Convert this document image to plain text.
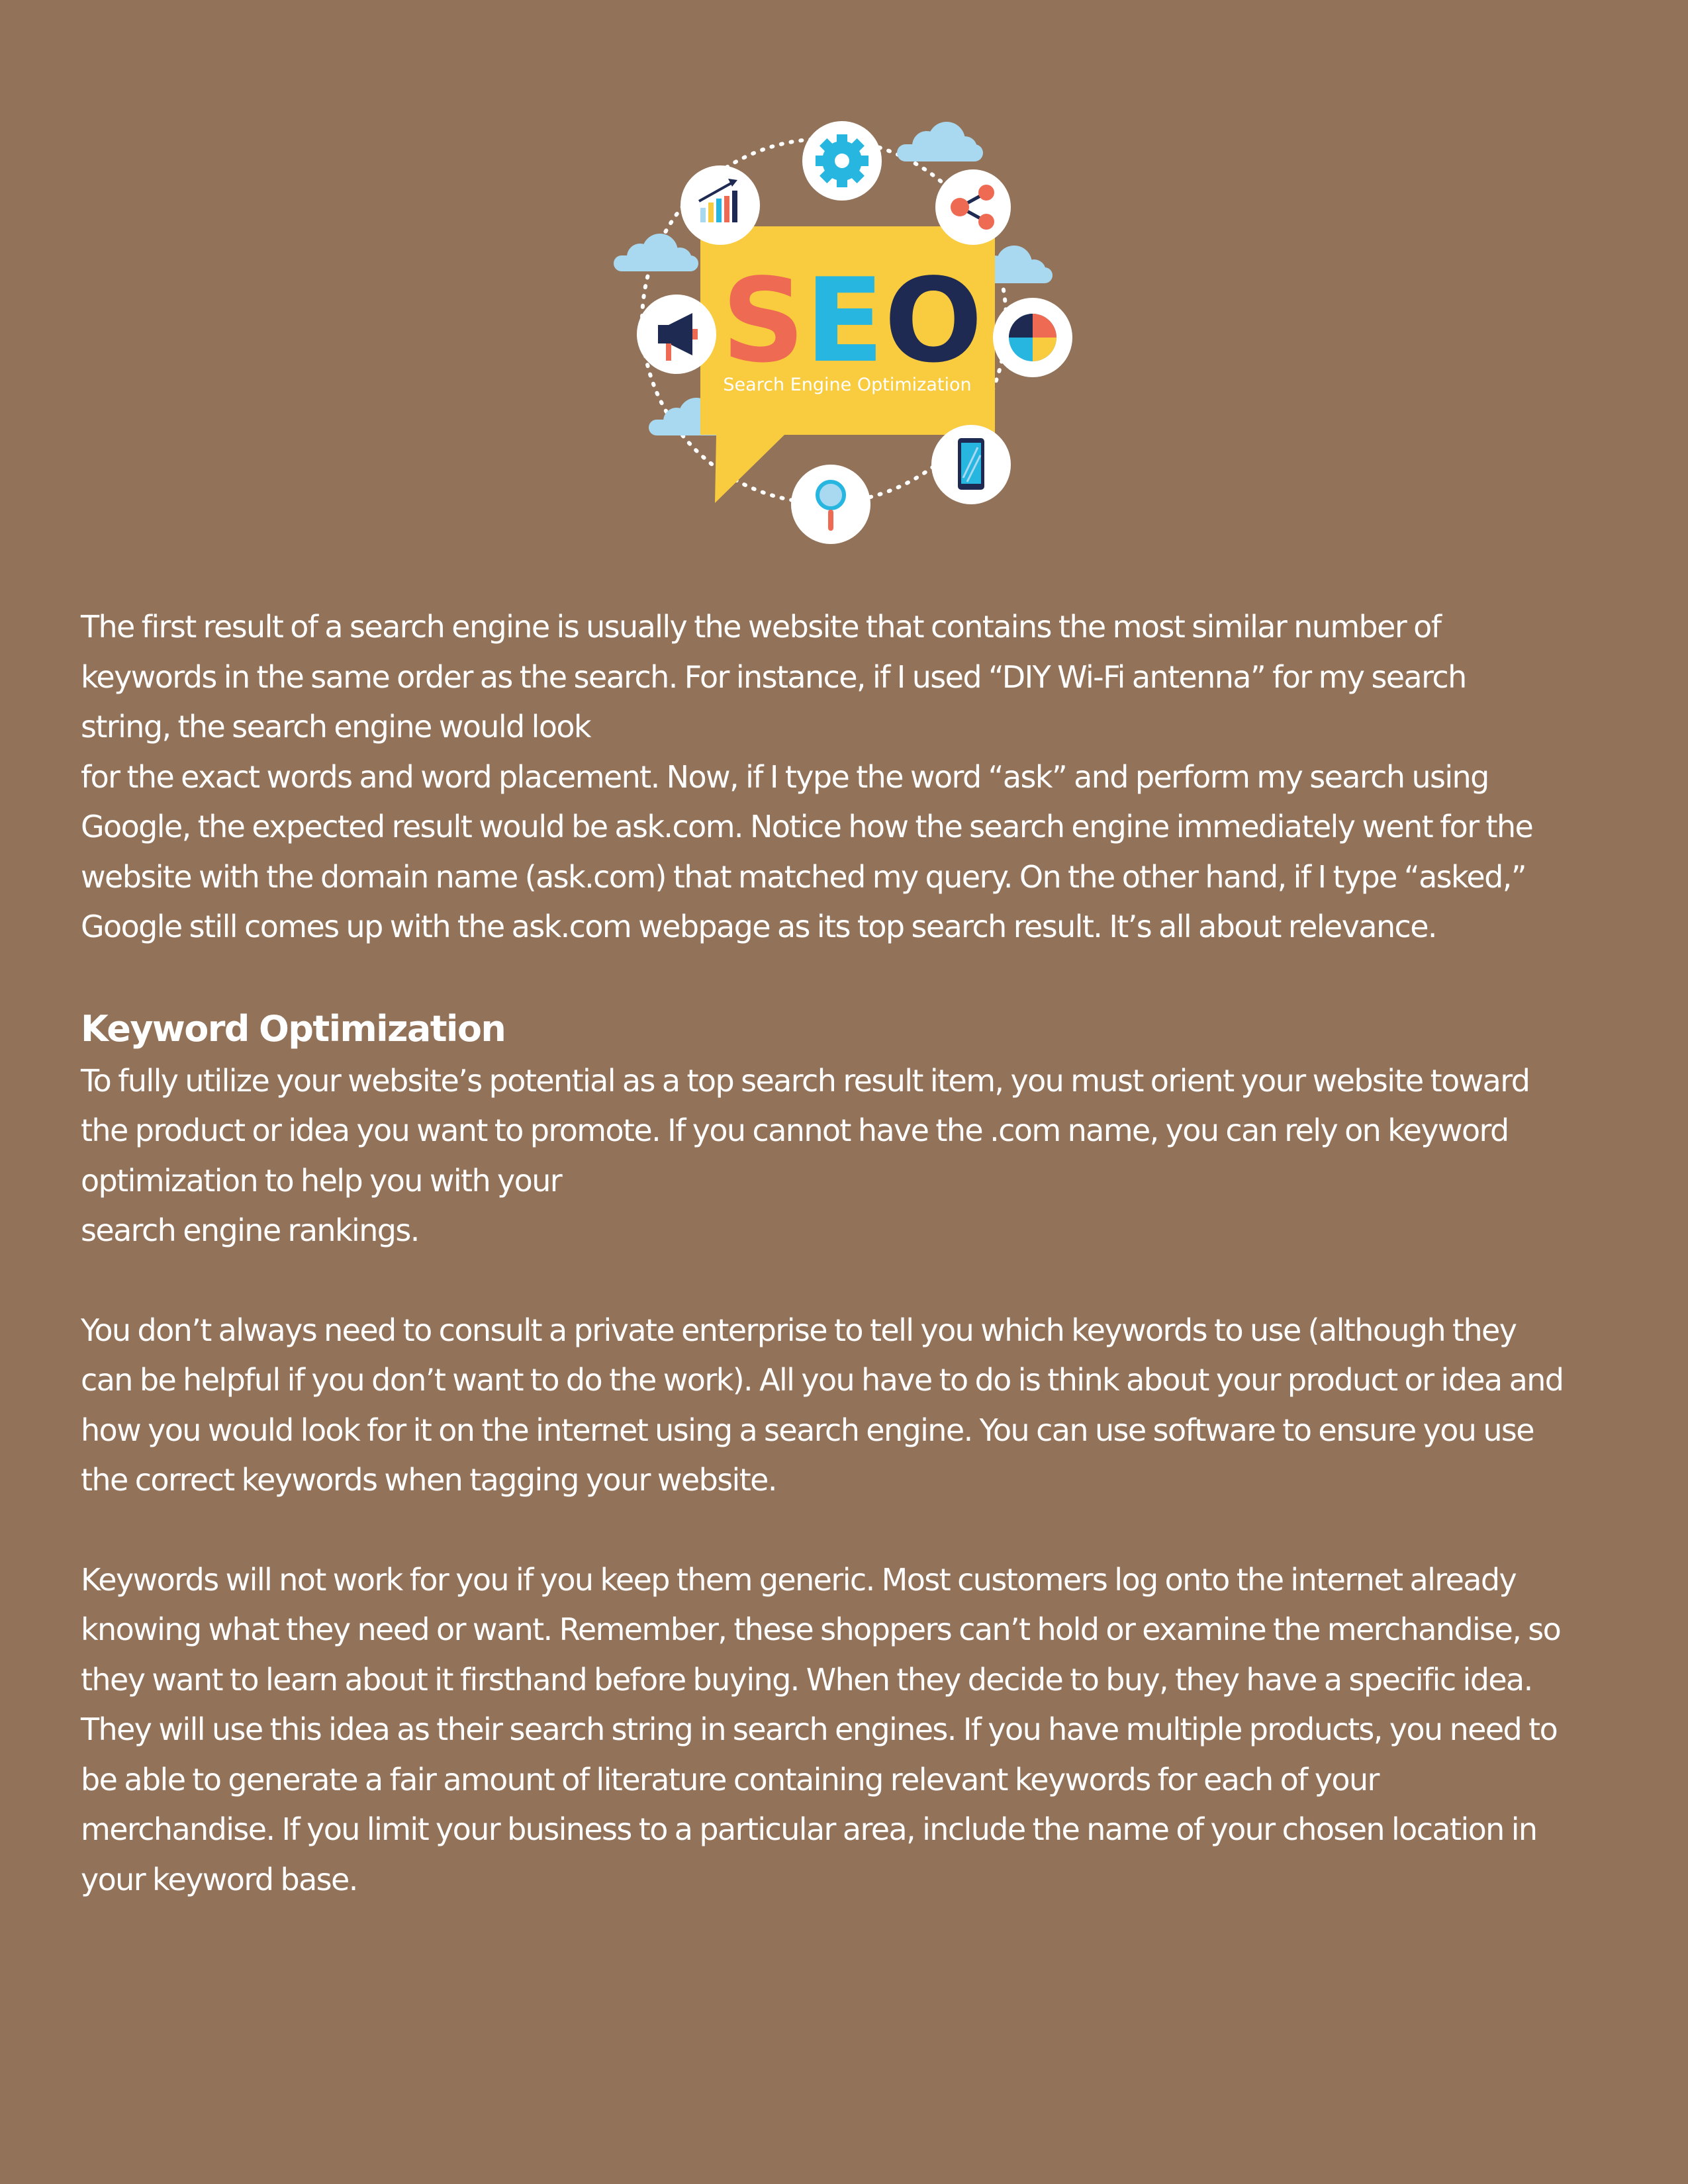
SEO
Search Engine Optimization

The first result of a search engine is usually the website that contains the most similar number of
keywords in the same order as the search. For instance, if I used “DIY Wi-Fi antenna” for my search
string, the search engine would look
for the exact words and word placement. Now, if I type the word “ask” and perform my search using
Google, the expected result would be ask.com. Notice how the search engine immediately went for the
website with the domain name (ask.com) that matched my query. On the other hand, if I type “asked,”
Google still comes up with the ask.com webpage as its top search result. It’s all about relevance.

Keyword Optimization

To fully utilize your website’s potential as a top search result item, you must orient your website toward
the product or idea you want to promote. If you cannot have the .com name, you can rely on keyword
optimization to help you with your
search engine rankings.

You don’t always need to consult a private enterprise to tell you which keywords to use (although they
can be helpful if you don’t want to do the work). All you have to do is think about your product or idea and
how you would look for it on the internet using a search engine. You can use software to ensure you use
the correct keywords when tagging your website.

Keywords will not work for you if you keep them generic. Most customers log onto the internet already
knowing what they need or want. Remember, these shoppers can’t hold or examine the merchandise, so
they want to learn about it firsthand before buying. When they decide to buy, they have a specific idea.
They will use this idea as their search string in search engines. If you have multiple products, you need to
be able to generate a fair amount of literature containing relevant keywords for each of your
merchandise. If you limit your business to a particular area, include the name of your chosen location in
your keyword base.
